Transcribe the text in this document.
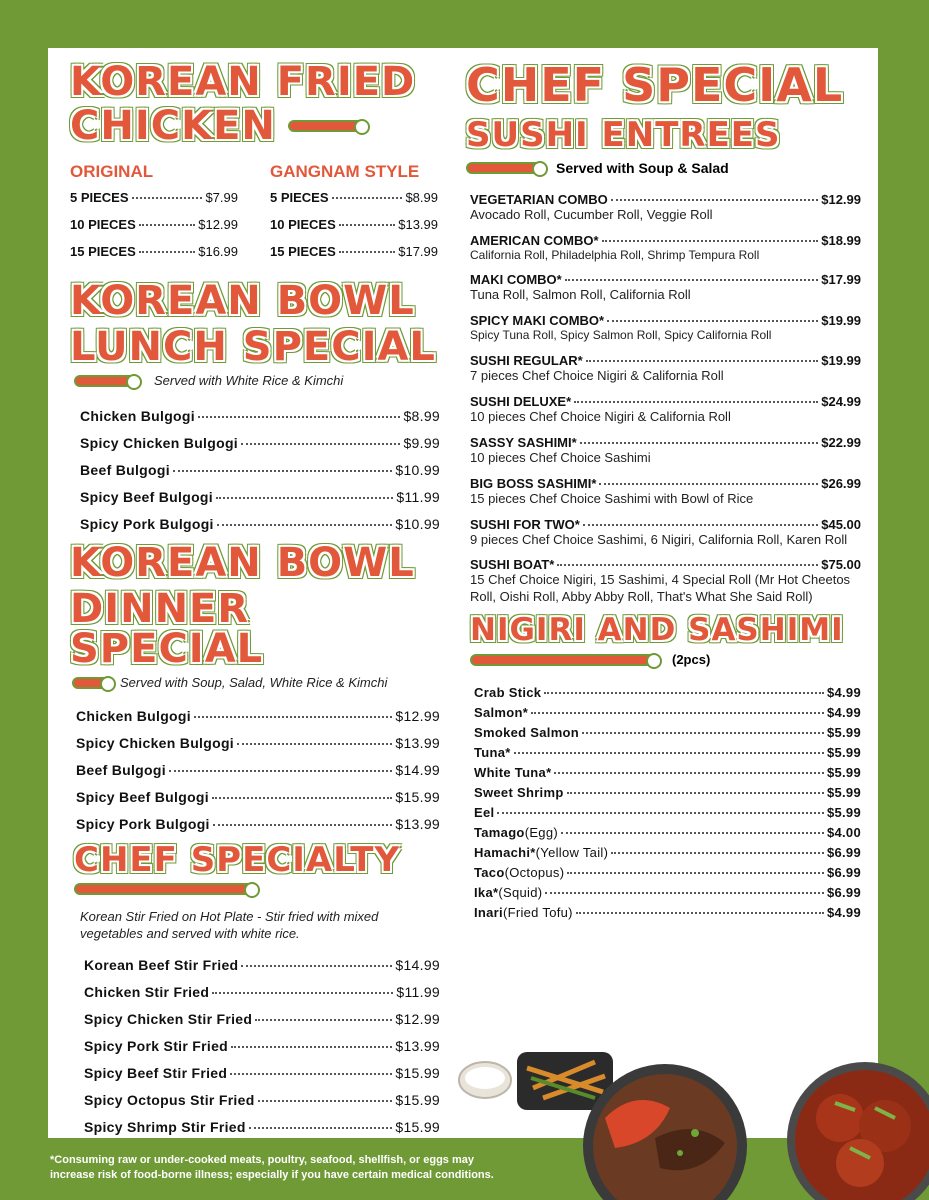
KOREAN FRIED
CHICKEN
ORIGINAL
5 PIECES	$7.99
10 PIECES	$12.99
15 PIECES	$16.99
GANGNAM STYLE
5 PIECES	$8.99
10 PIECES	$13.99
15 PIECES	$17.99
KOREAN BOWL
LUNCH SPECIAL
Served with White Rice & Kimchi
Chicken Bulgogi	$8.99
Spicy Chicken Bulgogi	$9.99
Beef Bulgogi	$10.99
Spicy Beef Bulgogi	$11.99
Spicy Pork Bulgogi	$10.99
KOREAN BOWL
DINNER SPECIAL
Served with Soup, Salad, White Rice & Kimchi
Chicken Bulgogi	$12.99
Spicy Chicken Bulgogi	$13.99
Beef Bulgogi	$14.99
Spicy Beef Bulgogi	$15.99
Spicy Pork Bulgogi	$13.99
CHEF SPECIALTY
Korean Stir Fried on Hot Plate - Stir fried with mixed vegetables and served with white rice.
Korean Beef Stir Fried	$14.99
Chicken Stir Fried	$11.99
Spicy Chicken Stir Fried	$12.99
Spicy Pork Stir Fried	$13.99
Spicy Beef Stir Fried	$15.99
Spicy Octopus Stir Fried	$15.99
Spicy Shrimp Stir Fried	$15.99
CHEF SPECIAL
SUSHI ENTREES
Served with Soup & Salad
VEGETARIAN COMBO	$12.99
Avocado Roll, Cucumber Roll, Veggie Roll
AMERICAN COMBO*	$18.99
California Roll, Philadelphia Roll, Shrimp Tempura Roll
MAKI COMBO*	$17.99
Tuna Roll, Salmon Roll, California Roll
SPICY MAKI COMBO*	$19.99
Spicy Tuna Roll, Spicy Salmon Roll, Spicy California Roll
SUSHI REGULAR*	$19.99
7 pieces Chef Choice Nigiri & California Roll
SUSHI DELUXE*	$24.99
10 pieces Chef Choice Nigiri & California Roll
SASSY SASHIMI*	$22.99
10 pieces Chef Choice Sashimi
BIG BOSS SASHIMI*	$26.99
15 pieces Chef Choice Sashimi with Bowl of Rice
SUSHI FOR TWO*	$45.00
9 pieces Chef Choice Sashimi, 6 Nigiri, California Roll, Karen Roll
SUSHI BOAT*	$75.00
15 Chef Choice Nigiri, 15 Sashimi, 4 Special Roll (Mr Hot Cheetos Roll, Oishi Roll, Abby Abby Roll, That's What She Said Roll)
NIGIRI AND SASHIMI
(2pcs)
Crab Stick	$4.99
Salmon*	$4.99
Smoked Salmon	$5.99
Tuna*	$5.99
White Tuna*	$5.99
Sweet Shrimp	$5.99
Eel	$5.99
Tamago (Egg)	$4.00
Hamachi* (Yellow Tail)	$6.99
Taco (Octopus)	$6.99
Ika* (Squid)	$6.99
Inari (Fried Tofu)	$4.99
*Consuming raw or under-cooked meats, poultry, seafood, shellfish, or eggs may
increase risk of food-borne illness; especially if you have certain medical conditions.
